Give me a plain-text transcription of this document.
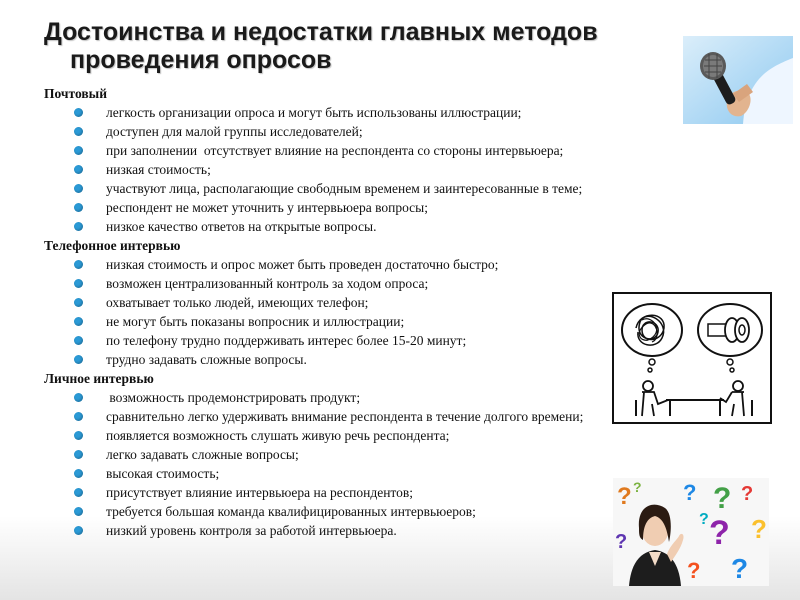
Достоинства и недостатки главных методов
проведения опросов
Почтовый
легкость организации опроса и могут быть использованы иллюстрации;
доступен для малой группы исследователей;
при заполнении  отсутствует влияние на респондента со стороны интервьюера;
низкая стоимость;
участвуют лица, располагающие свободным временем и заинтересованные в теме;
респондент не может уточнить у интервьюера вопросы;
низкое качество ответов на открытые вопросы.
Телефонное интервью
низкая стоимость и опрос может быть проведен достаточно быстро;
возможен централизованный контроль за ходом опроса;
охватывает только людей, имеющих телефон;
не могут быть показаны вопросник и иллюстрации;
по телефону трудно поддерживать интерес более 15-20 минут;
трудно задавать сложные вопросы.
Личное интервью
возможность продемонстрировать продукт;
сравнительно легко удерживать внимание респондента в течение долгого времени;
появляется возможность слушать живую речь респондента;
легко задавать сложные вопросы;
высокая стоимость;
присутствует влияние интервьюера на респондентов;
требуется большая команда квалифицированных интервьюеров;
низкий уровень контроля за работой интервьюера.
? ? ? ? ?
?
?
?
?
?
?
